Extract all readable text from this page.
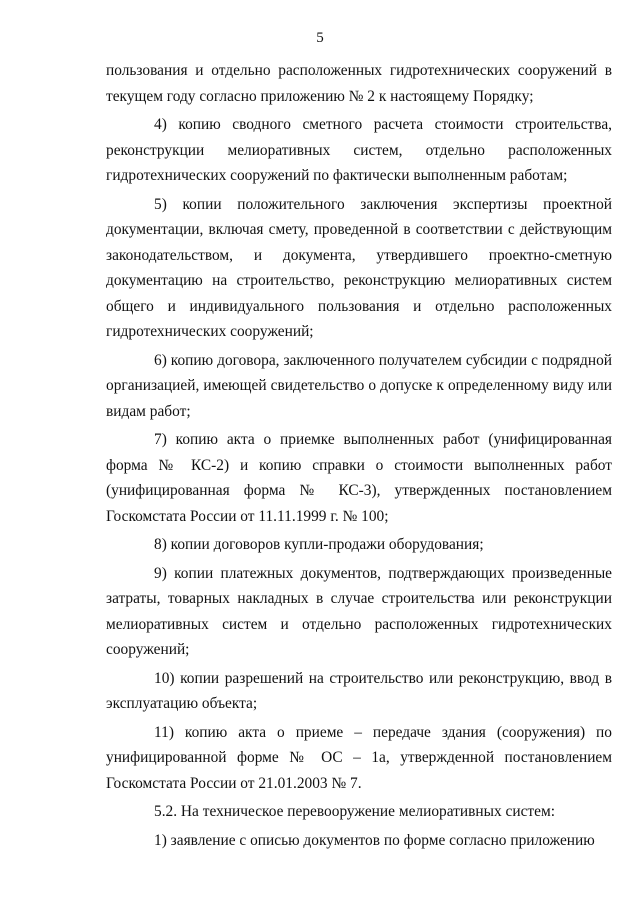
5

пользования и отдельно расположенных гидротехнических сооружений в текущем году согласно приложению № 2 к настоящему Порядку;

4) копию сводного сметного расчета стоимости строительства, реконструкции мелиоративных систем, отдельно расположенных гидротехнических сооружений по фактически выполненным работам;

5) копии положительного заключения экспертизы проектной документации, включая смету, проведенной в соответствии с действующим законодательством, и документа, утвердившего проектно-сметную документацию на строительство, реконструкцию мелиоративных систем общего и индивидуального пользования и отдельно расположенных гидротехнических сооружений;

6) копию договора, заключенного получателем субсидии с подрядной организацией, имеющей свидетельство о допуске к определенному виду или видам работ;

7) копию акта о приемке выполненных работ (унифицированная форма № КС-2) и копию справки о стоимости выполненных работ (унифицированная форма № КС-3), утвержденных постановлением Госкомстата России от 11.11.1999 г. № 100;

8) копии договоров купли-продажи оборудования;

9) копии платежных документов, подтверждающих произведенные затраты, товарных накладных в случае строительства или реконструкции мелиоративных систем и отдельно расположенных гидротехнических сооружений;

10) копии разрешений на строительство или реконструкцию, ввод в эксплуатацию объекта;

11) копию акта о приеме – передаче здания (сооружения) по унифицированной форме № ОС – 1а, утвержденной постановлением Госкомстата России от 21.01.2003 № 7.

5.2. На техническое перевооружение мелиоративных систем:

1) заявление с описью документов по форме согласно приложению
